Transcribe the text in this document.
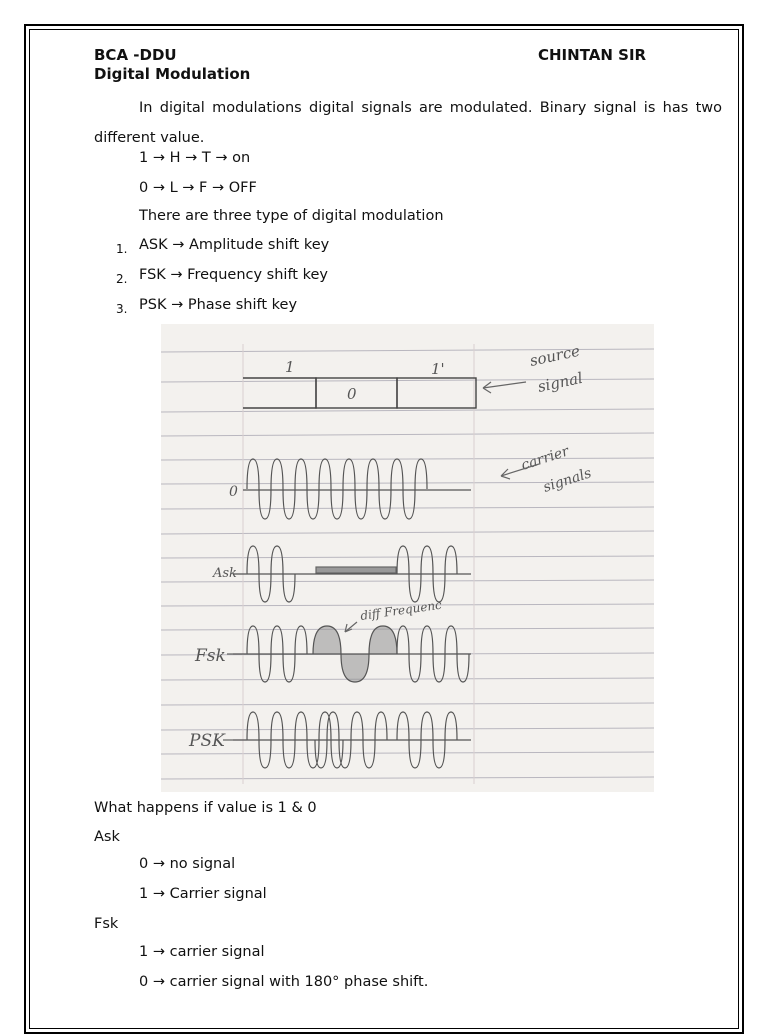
BCA -DDU	CHINTAN SIR
Digital Modulation
In digital modulations digital signals are modulated. Binary signal is has two different value.
1 → H → T → on
0 → L → F → OFF
There are three type of digital modulation
1. ASK → Amplitude shift key
2. FSK → Frequency shift key
3. PSK → Phase shift key
1
0
1'	source
signal
carrier
signals
0
Ask
Fsk
PSK
diff Frequenc
What happens if value is 1 & 0
Ask
0 → no signal
1 → Carrier signal
Fsk
1 → carrier signal
0 → carrier signal with 180° phase shift.
